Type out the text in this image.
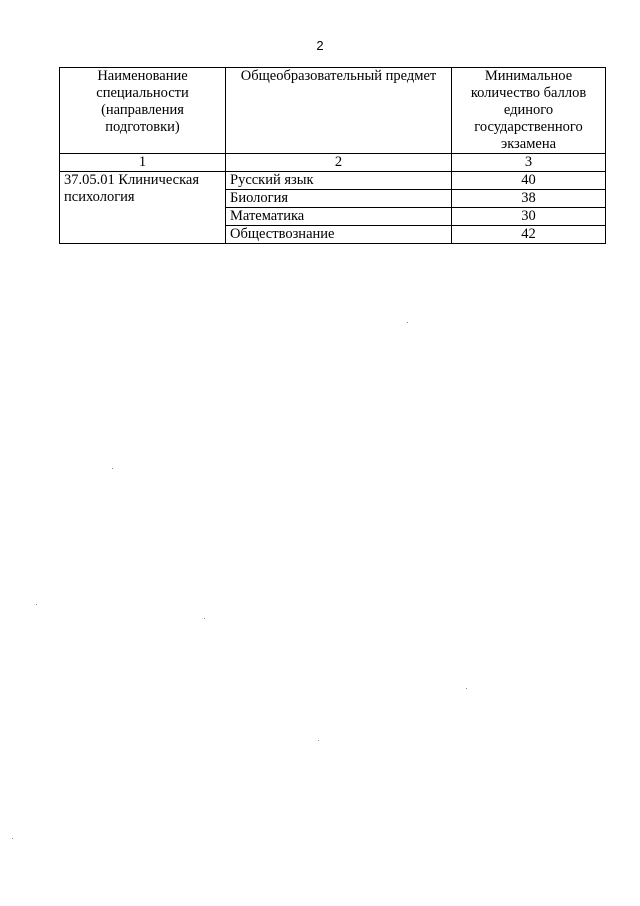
2
Наименование специальности (направления подготовки)	Общеобразовательный предмет	Минимальное количество баллов единого государственного экзамена
1	2	3
37.05.01 Клиническая психология	Русский язык	40
	Биология	38
	Математика	30
	Обществознание	42
